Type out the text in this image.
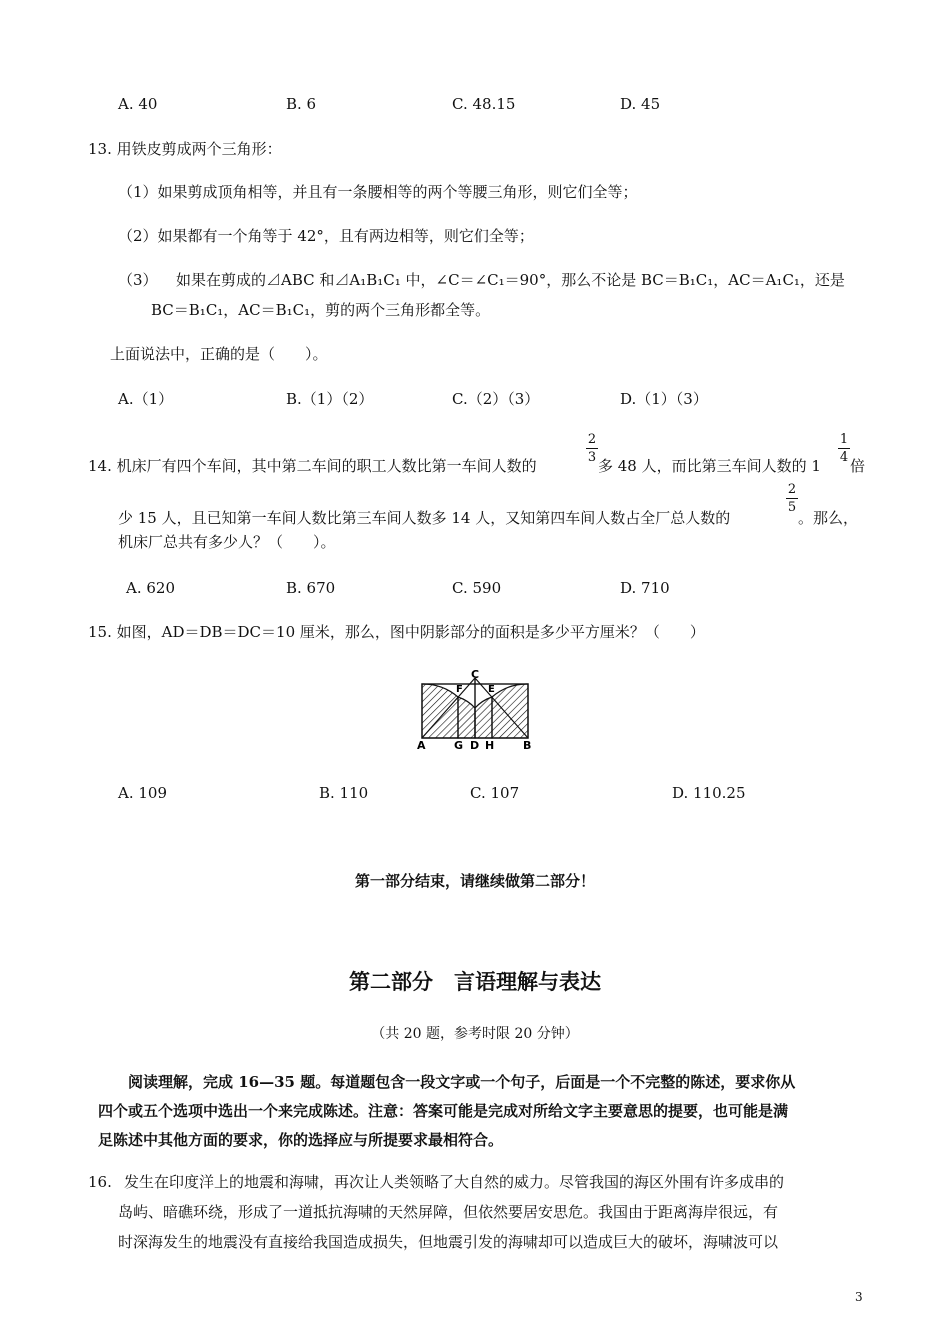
A. 40	B. 6	C. 48.15	D. 45
13. 用铁皮剪成两个三角形：
（1）如果剪成顶角相等，并且有一条腰相等的两个等腰三角形，则它们全等；
（2）如果都有一个角等于 42°，且有两边相等，则它们全等；
（3） 如果在剪成的⊿ABC 和⊿A₁B₁C₁ 中，∠C＝∠C₁＝90°，那么不论是 BC＝B₁C₁，AC＝A₁C₁，还是
BC＝B₁C₁，AC＝B₁C₁，剪的两个三角形都全等。
上面说法中，正确的是（　　）。
A.（1）	B.（1）（2）	C.（2）（3）	D.（1）（3）
14. 机床厂有四个车间，其中第二车间的职工人数比第一车间人数的
2
3 多 48 人，而比第三车间人数的 1
1
4 倍
少 15 人，且已知第一车间人数比第三车间人数多 14 人，又知第四车间人数占全厂总人数的
2
5
。那么，
机床厂总共有多少人？（　　）。
A. 620	B. 670	C. 590	D. 710
15. 如图，AD＝DB＝DC＝10 厘米，那么，图中阴影部分的面积是多少平方厘米？（　　）
C
F	E
A	G D H	B
A. 109	B. 110	C. 107	D. 110.25
第一部分结束，请继续做第二部分！
第二部分　言语理解与表达
（共 20 题，参考时限 20 分钟）
阅读理解，完成 16—35 题。每道题包含一段文字或一个句子，后面是一个不完整的陈述，要求你从
四个或五个选项中选出一个来完成陈述。注意：答案可能是完成对所给文字主要意思的提要，也可能是满
足陈述中其他方面的要求，你的选择应与所提要求最相符合。
16. 发生在印度洋上的地震和海啸，再次让人类领略了大自然的威力。尽管我国的海区外围有许多成串的
岛屿、暗礁环绕，形成了一道抵抗海啸的天然屏障，但依然要居安思危。我国由于距离海岸很远，有
时深海发生的地震没有直接给我国造成损失，但地震引发的海啸却可以造成巨大的破坏，海啸波可以
3
